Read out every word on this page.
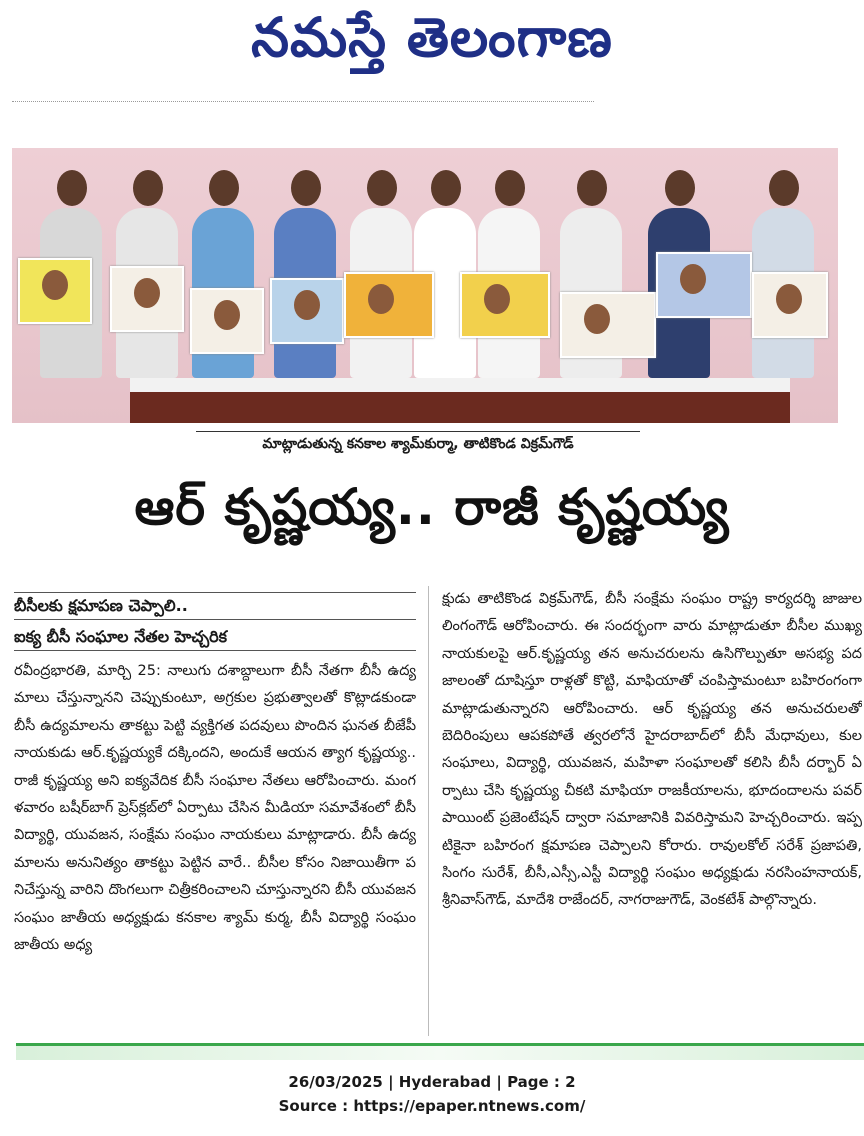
నమస్తే తెలంగాణ
మాట్లాడుతున్న కనకాల శ్యామ్‌కుర్మా, తాటికొండ విక్రమ్‌గౌడ్
ఆర్ కృష్ణయ్య.. రాజీ కృష్ణయ్య
బీసీలకు క్షమాపణ చెప్పాలి..
ఐక్య బీసీ సంఘాల నేతల హెచ్చరిక
రవీంద్రభారతి, మార్చి 25: నాలుగు దశాబ్దాలుగా బీసీ నేతగా బీసీ ఉద్యమాలు చేస్తున్నానని చెప్పుకుంటూ, అగ్రకుల ప్రభుత్వాలతో కొట్లాడకుండా బీసీ ఉద్యమాలను తాకట్టు పెట్టి వ్యక్తిగత పదవులు పొందిన ఘనత బీజేపీ నాయకుడు ఆర్.కృష్ణయ్యకే దక్కిందని, అందుకే ఆయన త్యాగ కృష్ణయ్య..రాజీ కృష్ణయ్య అని ఐక్యవేదిక బీసీ సంఘాల నేతలు ఆరోపించారు. మంగళవారం బషీర్‌బాగ్ ప్రెస్‌క్లబ్‌లో ఏర్పాటు చేసిన మీడియా సమావేశంలో బీసీ విద్యార్థి, యువజన, సంక్షేమ సంఘం నాయకులు మాట్లాడారు. బీసీ ఉద్యమాలను అనునిత్యం తాకట్టు పెట్టిన వారే.. బీసీల కోసం నిజాయితీగా పనిచేస్తున్న వారిని దొంగలుగా చిత్రీకరించాలని చూస్తున్నారని బీసీ యువజన సంఘం జాతీయ అధ్యక్షుడు కనకాల శ్యామ్ కుర్మ, బీసీ విద్యార్థి సంఘం జాతీయ అధ్య
క్షుడు తాటికొండ విక్రమ్‌గౌడ్, బీసీ సంక్షేమ సంఘం రాష్ట్ర కార్యదర్శి జాజుల లింగంగౌడ్ ఆరోపించారు. ఈ సందర్భంగా వారు మాట్లాడుతూ బీసీల ముఖ్య నాయకులపై ఆర్.కృష్ణయ్య తన అనుచరులను ఉసిగొల్పుతూ అసభ్య పదజాలంతో దూషిస్తూ రాళ్లతో కొట్టి, మాఫియాతో చంపిస్తామంటూ బహిరంగంగా మాట్లాడుతున్నారని ఆరోపించారు. ఆర్ కృష్ణయ్య తన అనుచరులతో బెదిరింపులు ఆపకపోతే త్వరలోనే హైదరాబాద్‌లో బీసీ మేధావులు, కులసంఘాలు, విద్యార్థి, యువజన, మహిళా సంఘాలతో కలిసి బీసీ దర్బార్ ఏర్పాటు చేసి కృష్ణయ్య చీకటి మాఫియా రాజకీయాలను, భూదందాలను పవర్ పాయింట్ ప్రజెంటేషన్ ద్వారా సమాజానికి వివరిస్తామని హెచ్చరించారు. ఇప్పటికైనా బహిరంగ క్షమాపణ చెప్పాలని కోరారు. రావులకోల్ సరేశ్ ప్రజాపతి, సింగం సురేశ్, బీసీ,ఎస్సీ,ఎస్టీ విద్యార్థి సంఘం అధ్యక్షుడు నరసింహనాయక్, శ్రీనివాస్‌గౌడ్, మాదేశి రాజేందర్, నాగరాజుగౌడ్, వెంకటేశ్ పాల్గొన్నారు.
26/03/2025 | Hyderabad | Page : 2
Source : https://epaper.ntnews.com/
